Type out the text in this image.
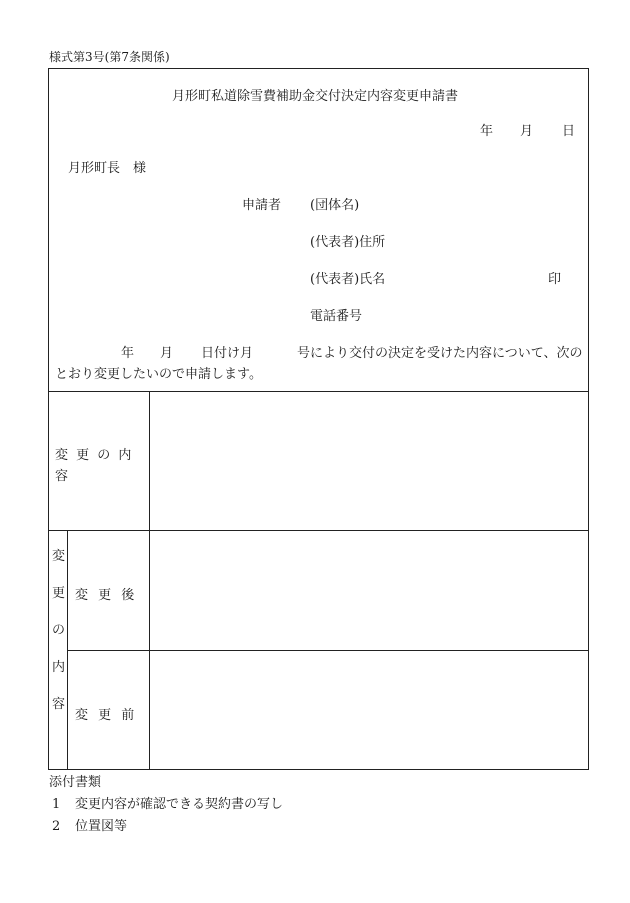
様式第3号(第7条関係)
月形町私道除雪費補助金交付決定内容変更申請書
年 月 日
月形町長　様
申請者 (団体名)
(代表者)住所
(代表者)氏名	印
電話番号
年 月 日付け月	号により交付の決定を受けた内容について、次の
とおり変更したいので申請します。
変 更 の 内
容
変
更
の
内
容
変 更 後
変 更 前
添付書類
1 変更内容が確認できる契約書の写し
2 位置図等
